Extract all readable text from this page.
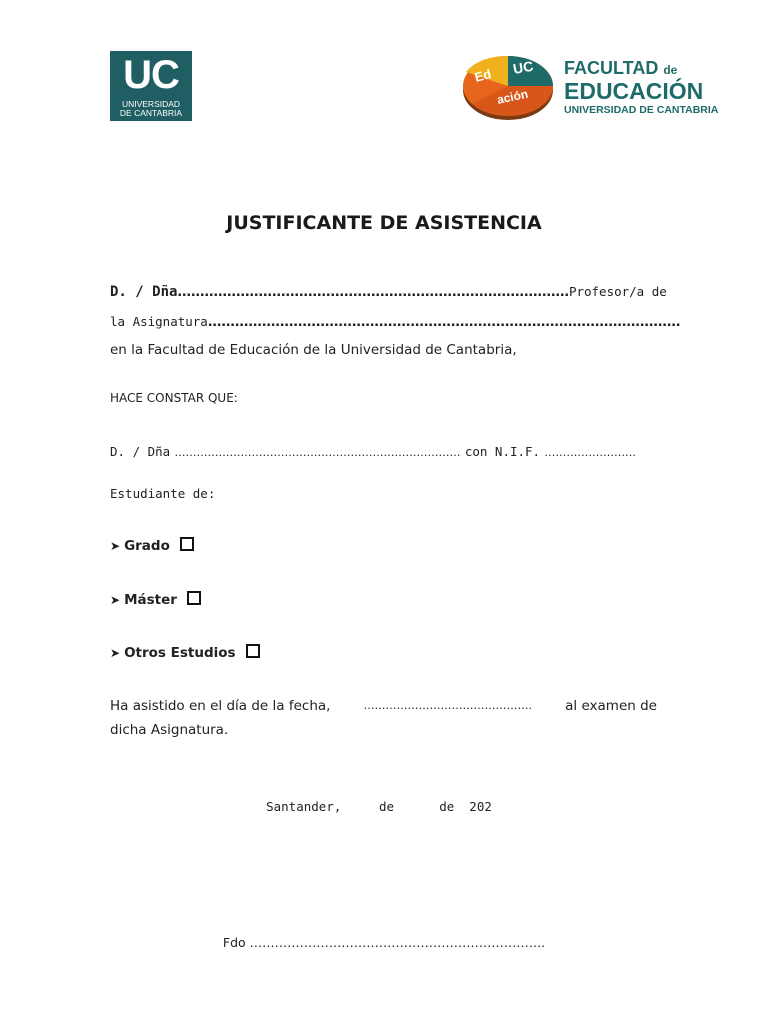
UC
UNIVERSIDAD
DE CANTABRIA
Ed UC
ación
FACULTAD de
EDUCACIÓN
UNIVERSIDAD DE CANTABRIA
JUSTIFICANTE DE ASISTENCIA
D. / Dña …………………………………………………………………………… Profesor/a de
la Asignatura ……………………………………………………………………………………………
en la Facultad de Educación de la Universidad de Cantabria,
HACE CONSTAR QUE:
D. / Dña …………………………………………………………………… con N.I.F. …………………….
Estudiante de:
➤ Grado
➤ Máster
➤ Otros Estudios
Ha asistido en el día de la fecha,	………………………………………. al examen de
dicha Asignatura.
Santander,     de      de  202
Fdo ……………………………………………………………..
